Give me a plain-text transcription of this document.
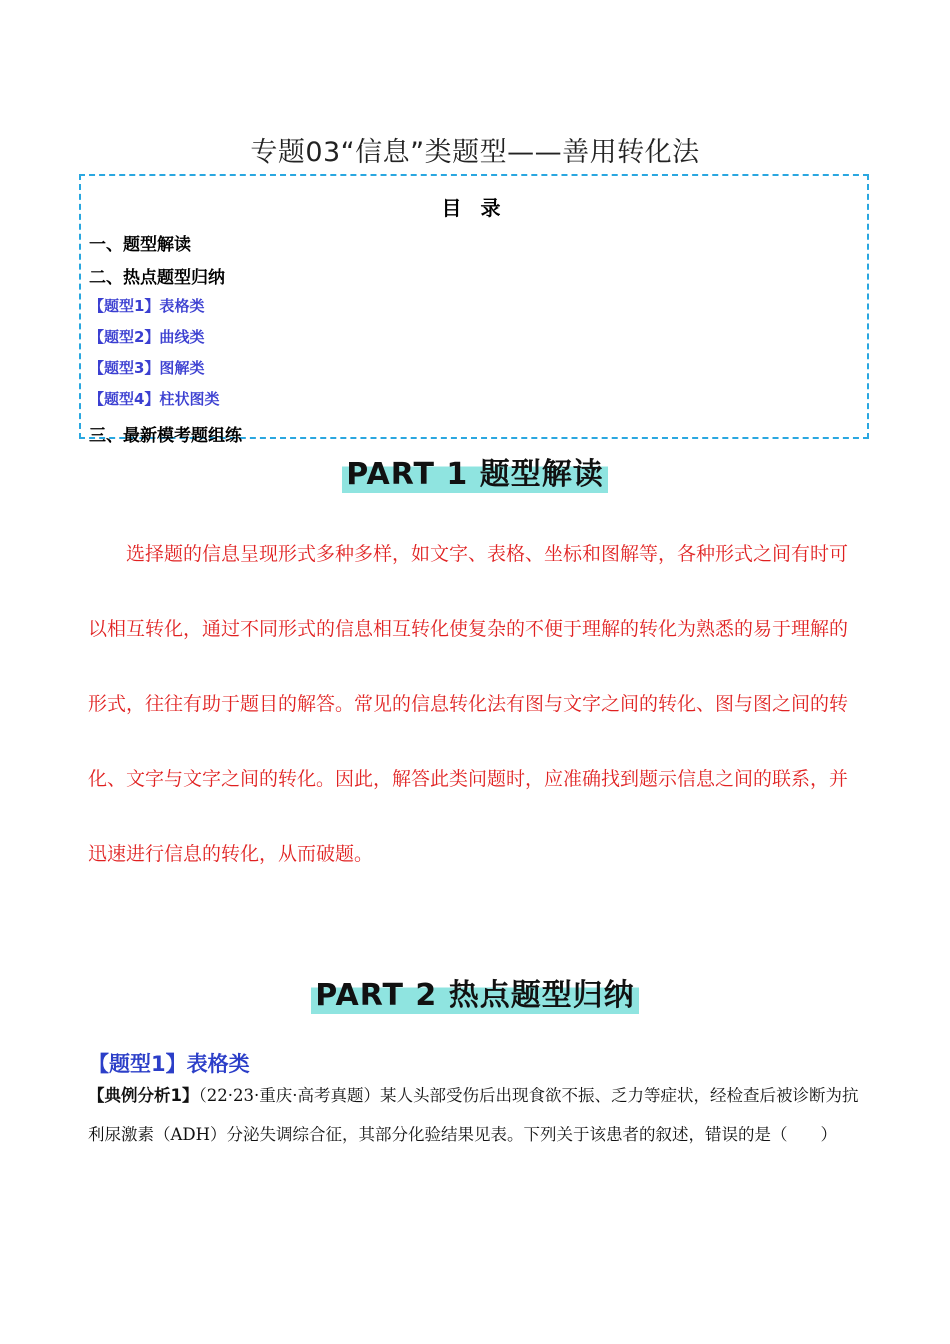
专题03“信息”类题型——善用转化法
目 录
一、题型解读
二、热点题型归纳
【题型1】表格类
【题型2】曲线类
【题型3】图解类
【题型4】柱状图类
三、最新模考题组练
PART 1 题型解读

选择题的信息呈现形式多种多样，如文字、表格、坐标和图解等，各种形式之间有时可以相互转化，通过不同形式的信息相互转化使复杂的不便于理解的转化为熟悉的易于理解的形式，往往有助于题目的解答。常见的信息转化法有图与文字之间的转化、图与图之间的转化、文字与文字之间的转化。因此，解答此类问题时，应准确找到题示信息之间的联系，并迅速进行信息的转化，从而破题。

PART 2 热点题型归纳
【题型1】表格类
【典例分析1】（22·23·重庆·高考真题）某人头部受伤后出现食欲不振、乏力等症状，经检查后被诊断为抗利尿激素（ADH）分泌失调综合征，其部分化验结果见表。下列关于该患者的叙述，错误的是（　　）
